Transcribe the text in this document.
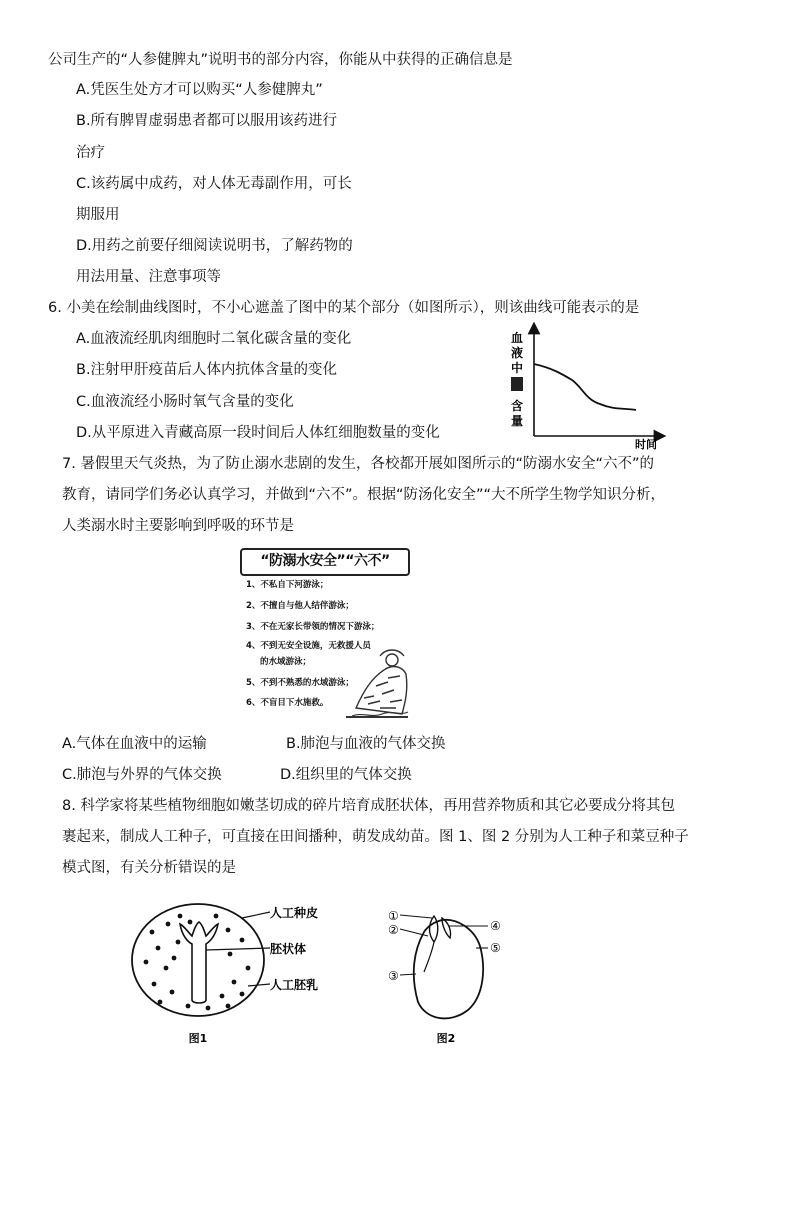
公司生产的“人参健脾丸”说明书的部分内容，你能从中获得的正确信息是
A.凭医生处方才可以购买“人参健脾丸”
B.所有脾胃虚弱患者都可以服用该药进行
治疗
C.该药属中成药，对人体无毒副作用，可长
期服用
D.用药之前要仔细阅读说明书，了解药物的
用法用量、注意事项等
6. 小美在绘制曲线图时，不小心遮盖了图中的某个部分（如图所示），则该曲线可能表示的是
A.血液流经肌肉细胞时二氧化碳含量的变化
B.注射甲肝疫苗后人体内抗体含量的变化
C.血液流经小肠时氧气含量的变化
D.从平原进入青藏高原一段时间后人体红细胞数量的变化
血
液
中
含
量
时间
7. 暑假里天气炎热，为了防止溺水悲剧的发生，各校都开展如图所示的“防溺水安全“六不”的
教育，请同学们务必认真学习，并做到“六不”。根据“防汤化安全”“大不所学生物学知识分析，
人类溺水时主要影响到呼吸的环节是
“防溺水安全”“六不”
1、不私自下河游泳；
2、不擅自与他人结伴游泳；
3、不在无家长带领的情况下游泳；
4、不到无安全设施，无救援人员
的水域游泳；
5、不到不熟悉的水域游泳；
6、不盲目下水施救。
A.气体在血液中的运输	B.肺泡与血液的气体交换
C.肺泡与外界的气体交换	D.组织里的气体交换
8. 科学家将某些植物细胞如嫩茎切成的碎片培育成胚状体，再用营养物质和其它必要成分将其包
裹起来，制成人工种子，可直接在田间播种，萌发成幼苗。图 1、图 2 分别为人工种子和菜豆种子
模式图，有关分析错误的是
人工种皮
胚状体
人工胚乳
图1
①
②
③
④
⑤
图2
